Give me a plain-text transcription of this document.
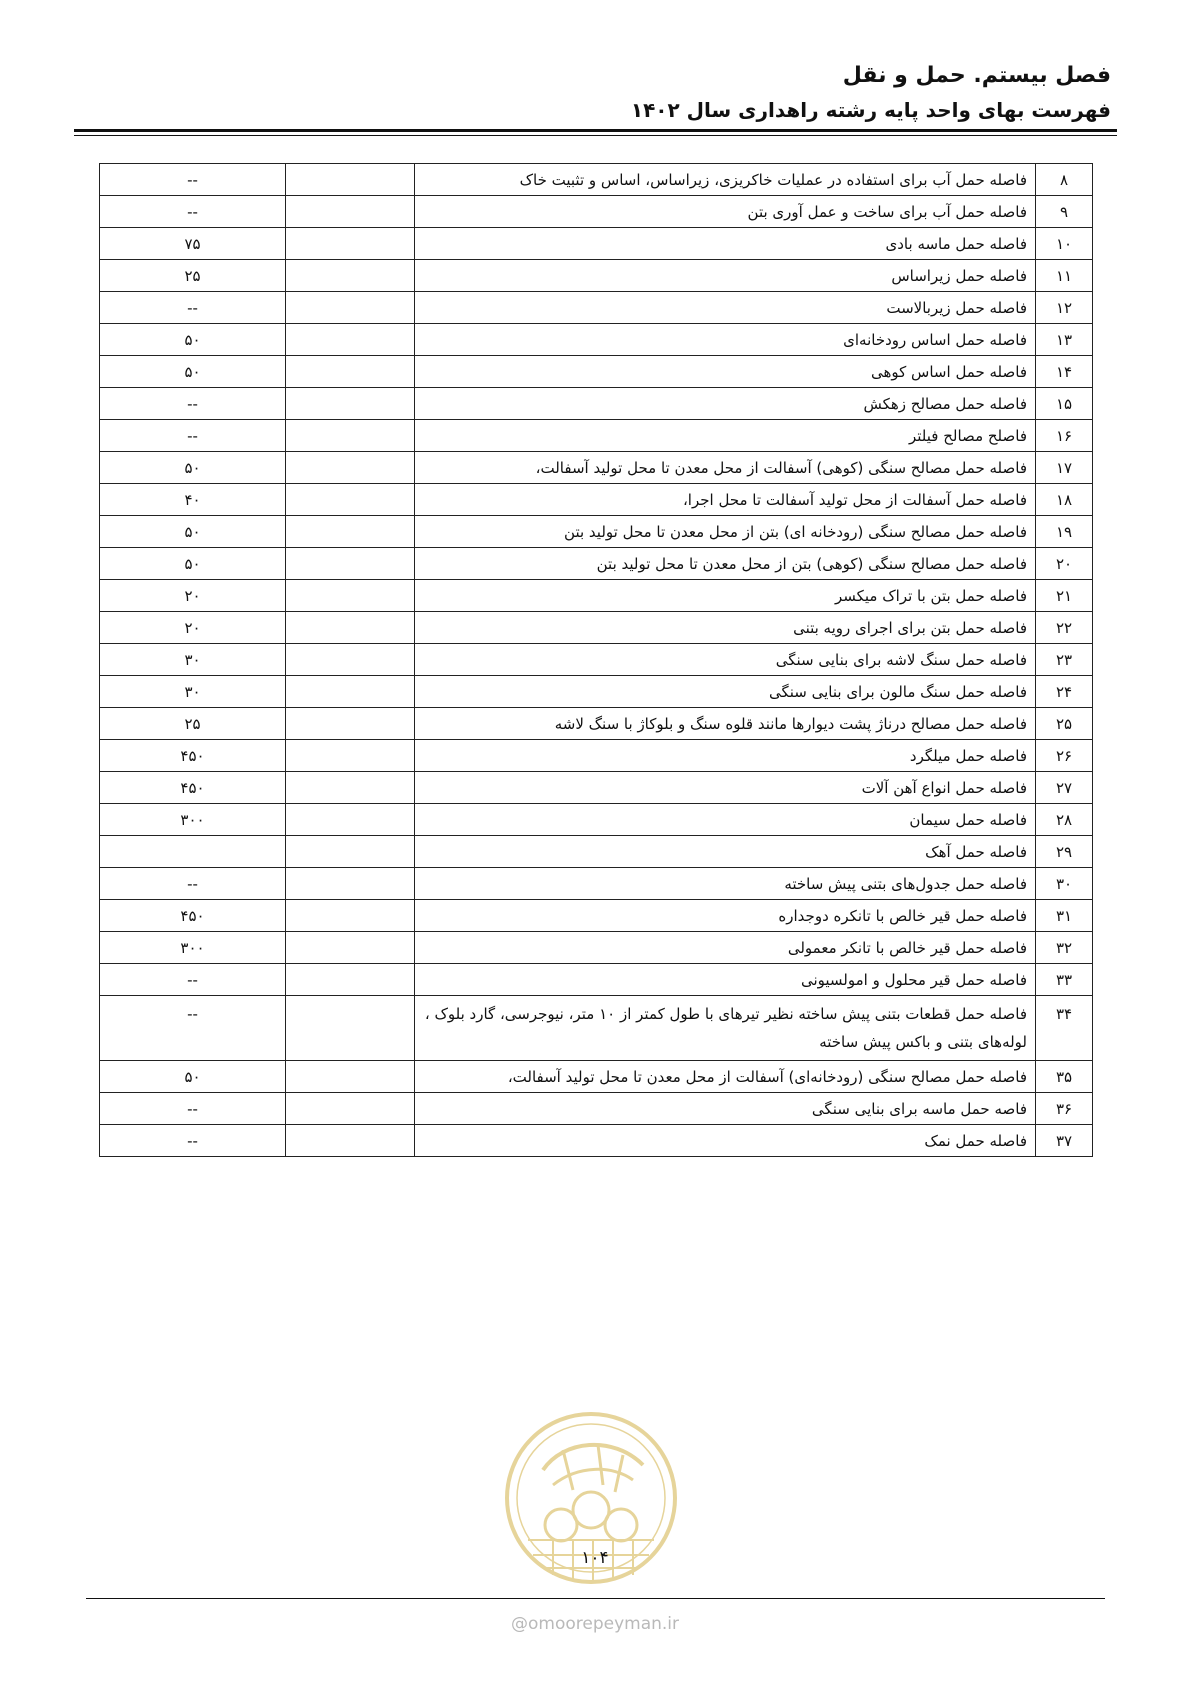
فصل بیستم. حمل و نقل
فهرست بهای واحد پایه رشته راهداری سال ۱۴۰۲
۸	فاصله حمل آب برای استفاده در عملیات خاکریزی، زیراساس، اساس و تثبیت خاک		--
۹	فاصله حمل آب برای ساخت و عمل آوری بتن		--
۱۰	فاصله حمل ماسه بادی		۷۵
۱۱	فاصله حمل زیراساس		۲۵
۱۲	فاصله حمل زیربالاست		--
۱۳	فاصله حمل اساس رودخانه‌ای		۵۰
۱۴	فاصله حمل اساس کوهی		۵۰
۱۵	فاصله حمل مصالح زهکش		--
۱۶	فاصلح مصالح فیلتر		--
۱۷	فاصله حمل مصالح سنگی (کوهی) آسفالت از محل معدن تا محل تولید آسفالت،		۵۰
۱۸	فاصله حمل آسفالت از محل تولید آسفالت تا محل اجرا،		۴۰
۱۹	فاصله حمل مصالح سنگی (رودخانه ای) بتن از محل معدن تا محل تولید بتن		۵۰
۲۰	فاصله حمل مصالح سنگی (کوهی) بتن از محل معدن تا محل تولید بتن		۵۰
۲۱	فاصله حمل بتن با تراک میکسر		۲۰
۲۲	فاصله حمل بتن برای اجرای رویه بتنی		۲۰
۲۳	فاصله حمل سنگ لاشه برای بنایی سنگی		۳۰
۲۴	فاصله حمل سنگ مالون برای بنایی سنگی		۳۰
۲۵	فاصله حمل مصالح درناژ پشت دیوارها مانند قلوه سنگ و بلوکاژ با سنگ لاشه		۲۵
۲۶	فاصله حمل میلگرد		۴۵۰
۲۷	فاصله حمل انواع آهن آلات		۴۵۰
۲۸	فاصله حمل سیمان		۳۰۰
۲۹	فاصله حمل آهک		
۳۰	فاصله حمل جدول‌های بتنی پیش ساخته		--
۳۱	فاصله حمل قیر خالص با تانکره دوجداره		۴۵۰
۳۲	فاصله حمل قیر خالص با تانکر معمولی		۳۰۰
۳۳	فاصله حمل قیر محلول و امولسیونی		--
۳۴	فاصله حمل قطعات بتنی پیش ساخته نظیر تیرهای با طول کمتر از ۱۰ متر، نیوجرسی، گارد بلوک ،
لوله‌های بتنی و باکس پیش ساخته		--
۳۵	فاصله حمل مصالح سنگی (رودخانه‌ای) آسفالت از محل معدن تا محل تولید آسفالت،		۵۰
۳۶	فاصه حمل ماسه برای بنایی سنگی		--
۳۷	فاصله حمل نمک		--
۱۰۴
@omoorepeyman.ir
